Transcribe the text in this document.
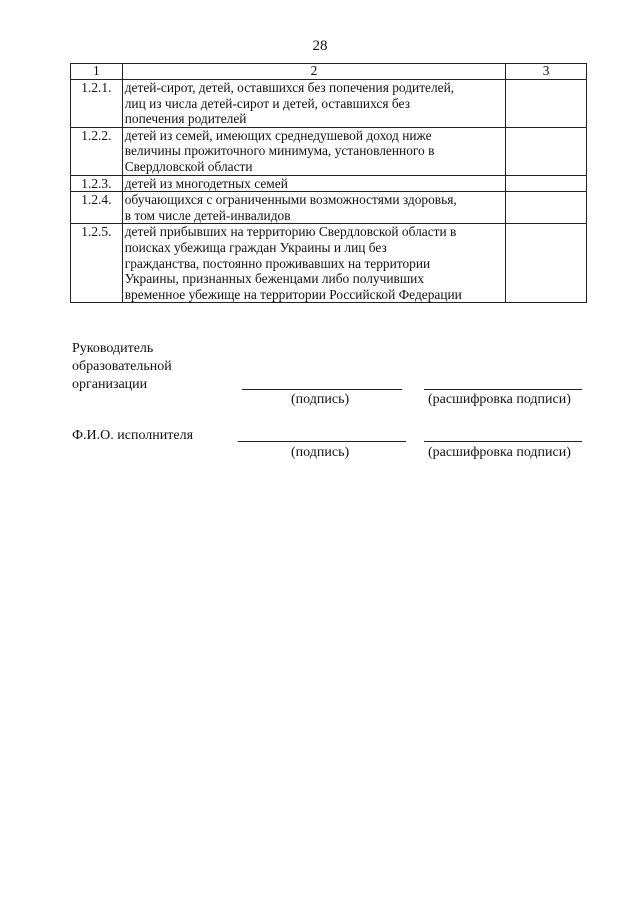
28
1	2	3
1.2.1.	детей-сирот, детей, оставшихся без попечения родителей,
лиц из числа детей-сирот и детей, оставшихся без
попечения родителей	

1.2.2.	детей из семей, имеющих среднедушевой доход ниже
величины прожиточного минимума, установленного в
Свердловской области	

1.2.3.	детей из многодетных семей	

1.2.4.	обучающихся с ограниченными возможностями здоровья,
в том числе детей-инвалидов	

1.2.5.	детей прибывших на территорию Свердловской области в
поисках убежища граждан Украины и лиц без
гражданства, постоянно проживавших на территории
Украины, признанных беженцами либо получивших
временное убежище на территории Российской Федерации	

Руководитель
образовательной
организации
(подпись)	(расшифровка подписи)
Ф.И.О. исполнителя
(подпись)	(расшифровка подписи)
